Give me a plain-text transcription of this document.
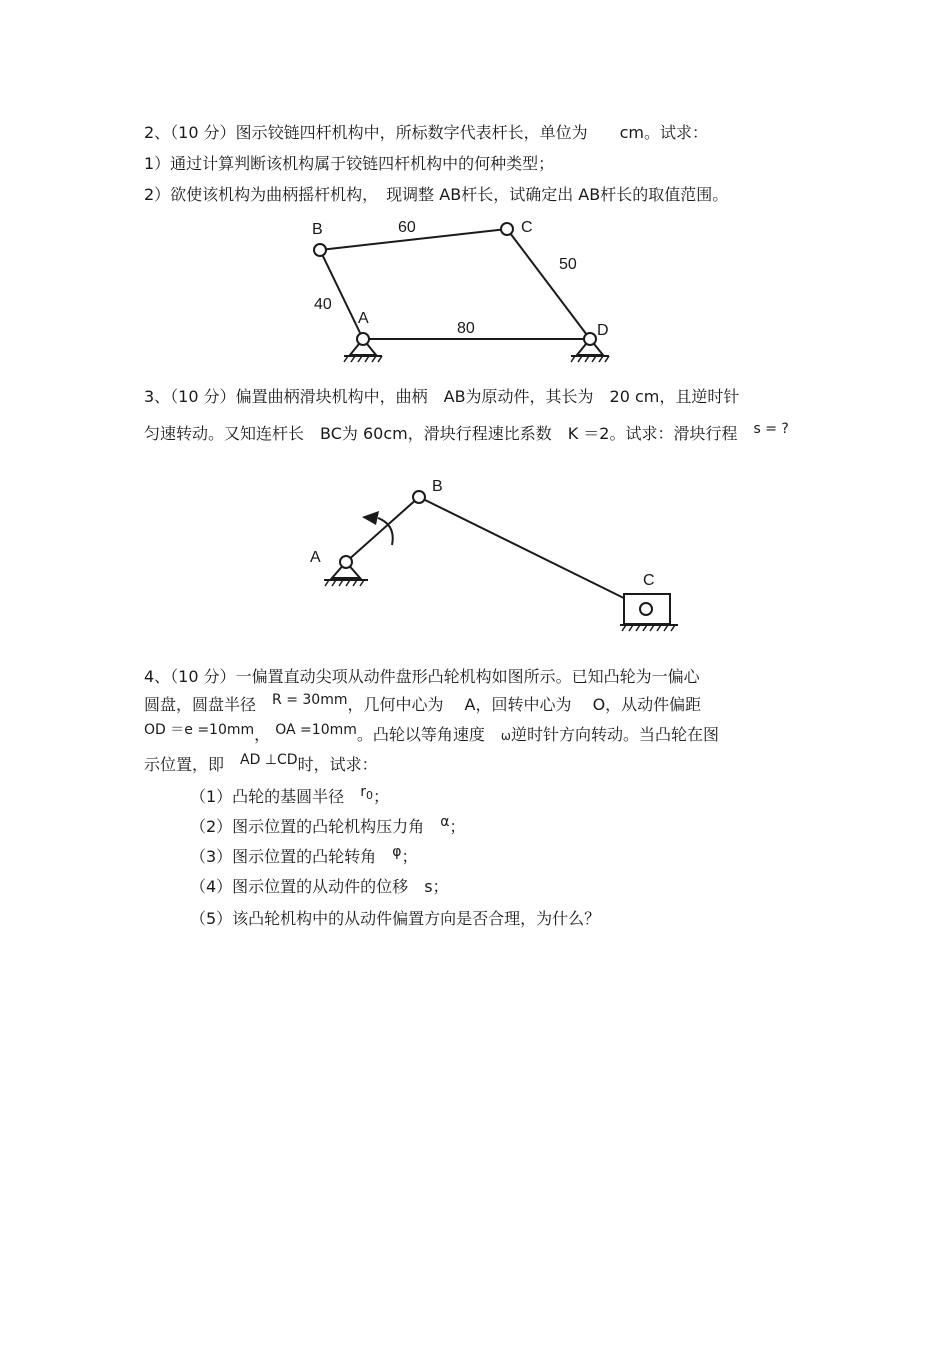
2、（10 分）图示铰链四杆机构中，所标数字代表杆长，单位为　　cm。试求：
1）通过计算判断该机构属于铰链四杆机构中的何种类型；
2）欲使该机构为曲柄摇杆机构，　现调整 AB杆长，试确定出 AB杆长的取值范围。
B	C
A
D
60
50
40
80
3、（10 分）偏置曲柄滑块机构中，曲柄　AB为原动件，其长为　20 cm，且逆时针
匀速转动。又知连杆长　BC为 60cm，滑块行程速比系数　K ＝2。试求：滑块行程　s = ?
A
B
C
4、（10 分）一偏置直动尖项从动件盘形凸轮机构如图所示。已知凸轮为一偏心
圆盘，圆盘半径　R = 30mm，几何中心为　 A，回转中心为　 O，从动件偏距
OD ＝e =10mm， OA =10mm。凸轮以等角速度　ω逆时针方向转动。当凸轮在图
示位置，即　AD ⊥CD时，试求：
（1）凸轮的基圆半径　$r_0$；
（2）图示位置的凸轮机构压力角　α；
（3）图示位置的凸轮转角　φ；
（4）图示位置的从动件的位移　s；
（5）该凸轮机构中的从动件偏置方向是否合理，为什么？
